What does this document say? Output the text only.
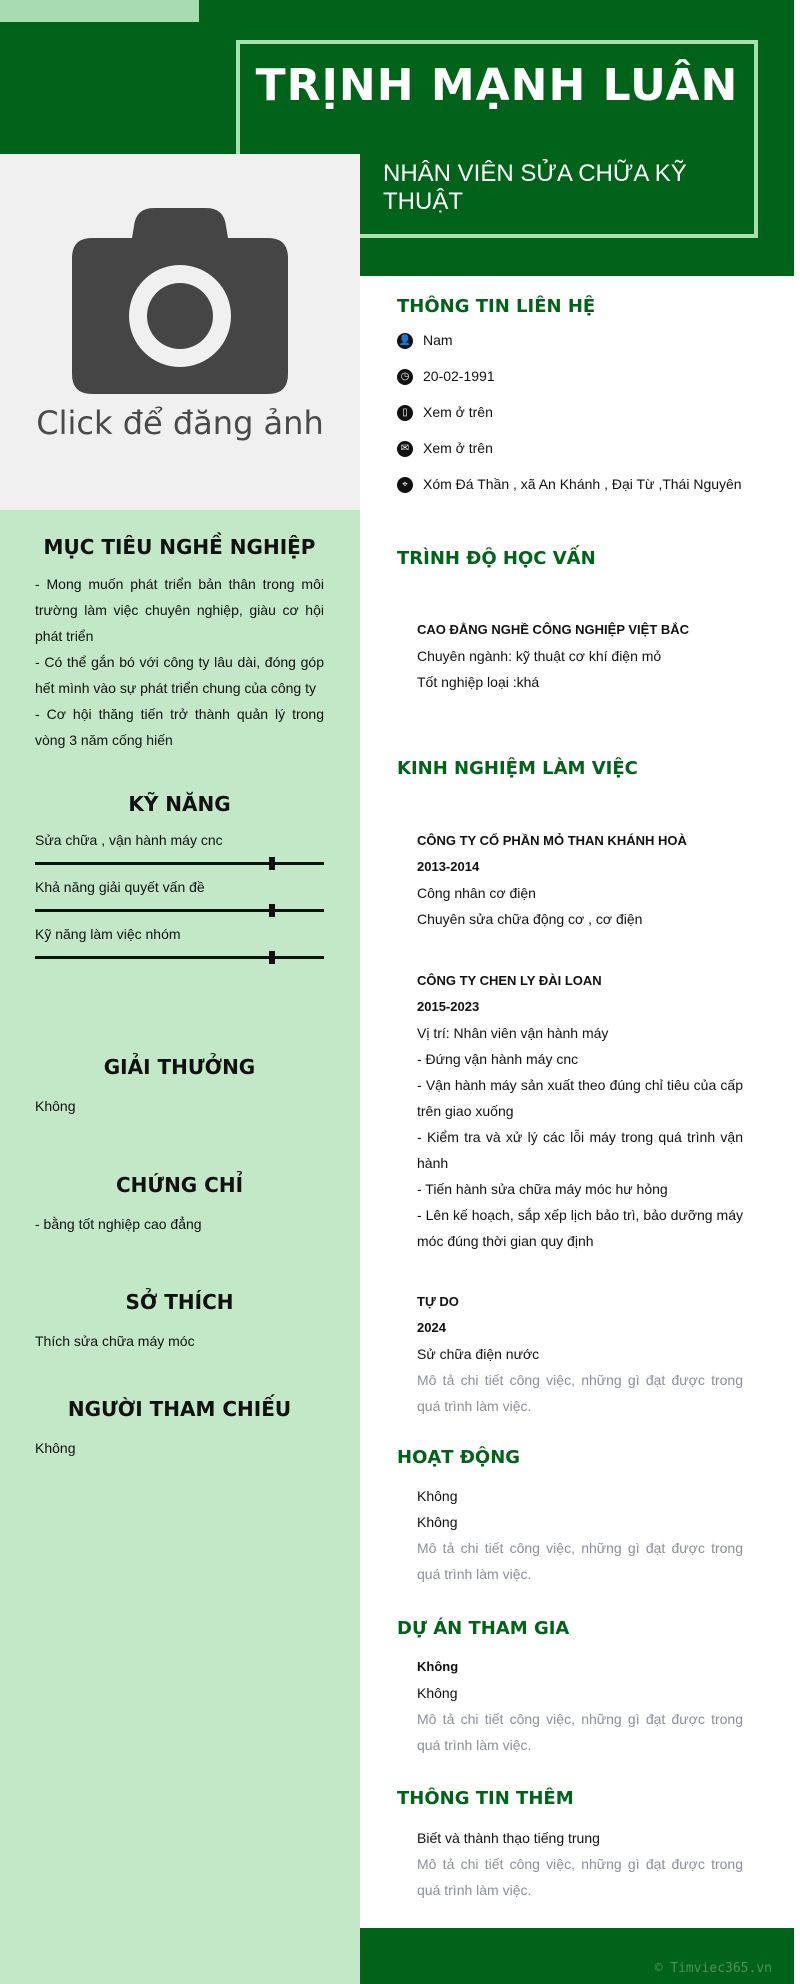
TRỊNH MẠNH LUÂN
NHÂN VIÊN SỬA CHỮA KỸ THUẬT
Click để đăng ảnh
MỤC TIÊU NGHỀ NGHIỆP
- Mong muốn phát triển bản thân trong môi trường làm việc chuyên nghiệp, giàu cơ hội phát triển
- Có thể gắn bó với công ty lâu dài, đóng góp hết mình vào sự phát triển chung của công ty
- Cơ hội thăng tiến trở thành quản lý trong vòng 3 năm cống hiến
KỸ NĂNG
Sửa chữa , vận hành máy cnc
Khả năng giải quyết vấn đề
Kỹ năng làm việc nhóm
GIẢI THƯỞNG
Không
CHỨNG CHỈ
- bằng tốt nghiệp cao đẳng
SỞ THÍCH
Thích sửa chữa máy móc
NGƯỜI THAM CHIẾU
Không
THÔNG TIN LIÊN HỆ
👤 Nam
◷ 20-02-1991
▯ Xem ở trên
✉ Xem ở trên
⌖ Xóm Đá Thần , xã An Khánh , Đại Từ ,Thái Nguyên
TRÌNH ĐỘ HỌC VẤN
CAO ĐẲNG NGHỀ CÔNG NGHIỆP VIỆT BẮC
Chuyên ngành: kỹ thuật cơ khí điện mỏ
Tốt nghiệp loại :khá
KINH NGHIỆM LÀM VIỆC
CÔNG TY CỔ PHẦN MỎ THAN KHÁNH HOÀ
2013-2014
Công nhân cơ điện
Chuyên sửa chữa động cơ , cơ điện
CÔNG TY CHEN LY ĐÀI LOAN
2015-2023
Vị trí: Nhân viên vận hành máy
- Đứng vận hành máy cnc
- Vận hành máy sản xuất theo đúng chỉ tiêu của cấp trên giao xuống
- Kiểm tra và xử lý các lỗi máy trong quá trình vận hành
- Tiến hành sửa chữa máy móc hư hỏng
- Lên kế hoạch, sắp xếp lịch bảo trì, bảo dưỡng máy móc đúng thời gian quy định
TỰ DO
2024
Sử chữa điện nước
Mô tả chi tiết công việc, những gì đạt được trong quá trình làm việc.
HOẠT ĐỘNG
Không
Không
Mô tả chi tiết công việc, những gì đạt được trong quá trình làm việc.
DỰ ÁN THAM GIA
Không
Không
Mô tả chi tiết công việc, những gì đạt được trong quá trình làm việc.
THÔNG TIN THÊM
Biết và thành thạo tiếng trung
Mô tả chi tiết công việc, những gì đạt được trong quá trình làm việc.
© Timviec365.vn
